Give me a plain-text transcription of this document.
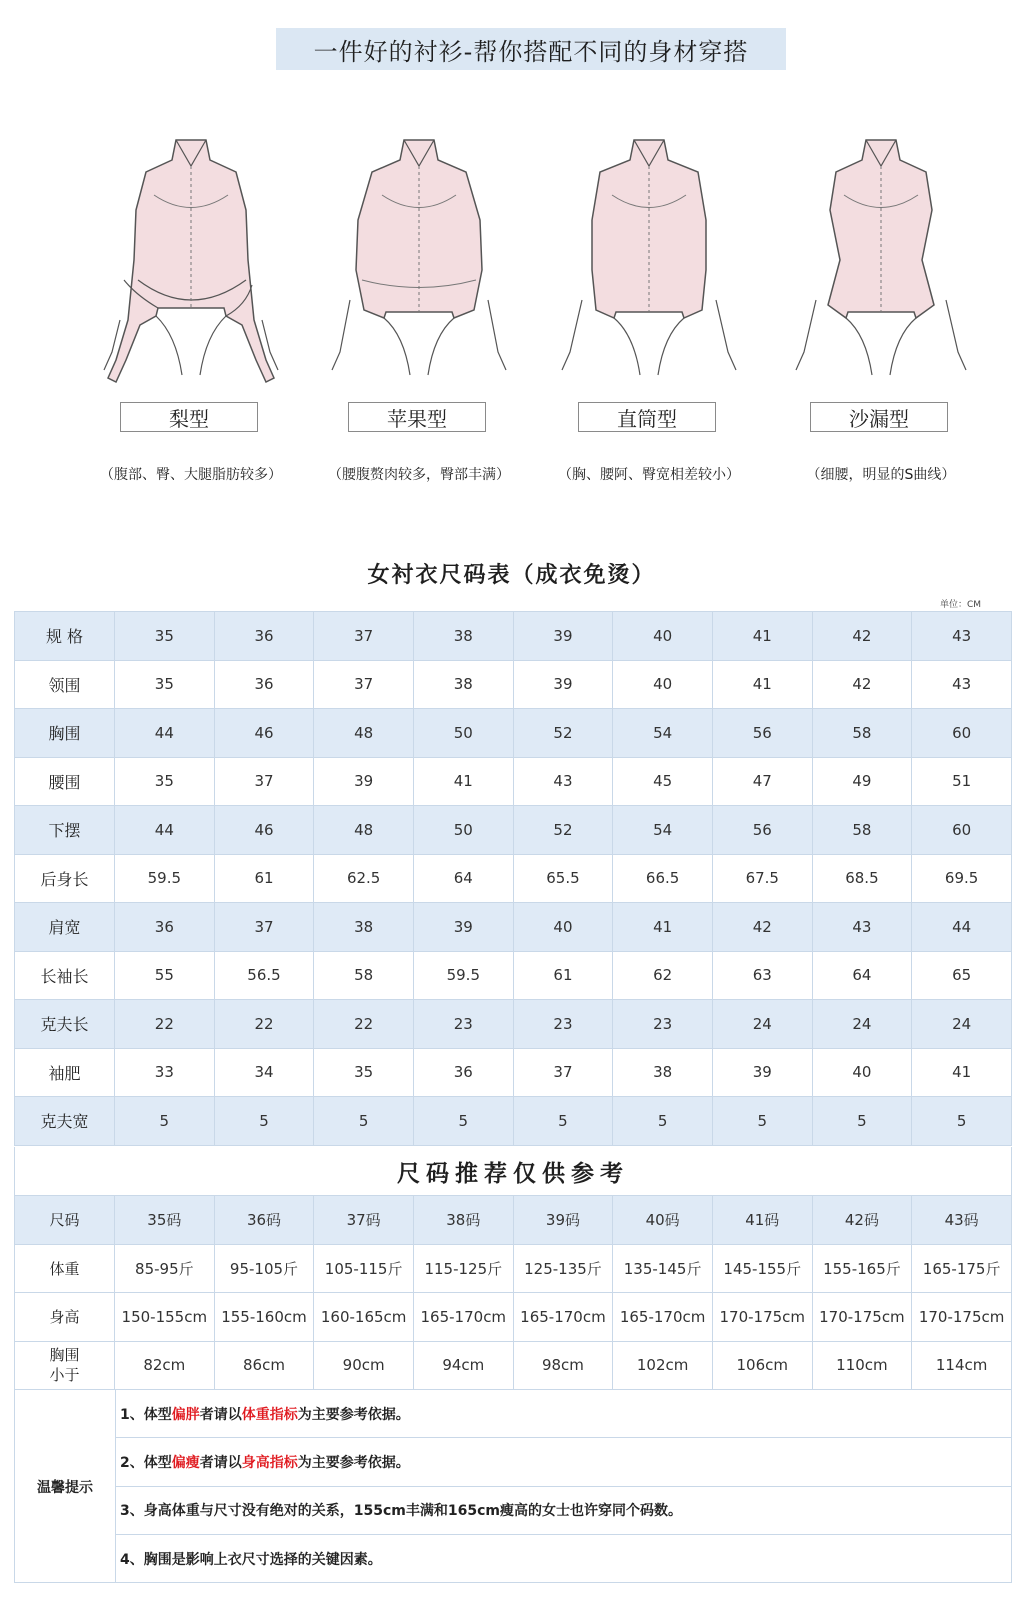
一件好的衬衫-帮你搭配不同的身材穿搭
梨型
（腹部、臀、大腿脂肪较多）
苹果型
（腰腹赘肉较多，臀部丰满）
直筒型
（胸、腰阿、臀宽相差较小）
沙漏型
（细腰，明显的S曲线）
女衬衣尺码表（成衣免烫）
单位：CM
规 格	35	36	37	38	39	40	41	42	43
领围	35	36	37	38	39	40	41	42	43
胸围	44	46	48	50	52	54	56	58	60
腰围	35	37	39	41	43	45	47	49	51
下摆	44	46	48	50	52	54	56	58	60
后身长	59.5	61	62.5	64	65.5	66.5	67.5	68.5	69.5
肩宽	36	37	38	39	40	41	42	43	44
长袖长	55	56.5	58	59.5	61	62	63	64	65
克夫长	22	22	22	23	23	23	24	24	24
袖肥	33	34	35	36	37	38	39	40	41
克夫宽	5	5	5	5	5	5	5	5	5
尺码推荐仅供参考
尺码	35码	36码	37码	38码	39码	40码	41码	42码	43码
体重	85-95斤	95-105斤	105-115斤	115-125斤	125-135斤	135-145斤	145-155斤	155-165斤	165-175斤
身高	150-155cm	155-160cm	160-165cm	165-170cm	165-170cm	165-170cm	170-175cm	170-175cm	170-175cm

胸围
小于	82cm	86cm	90cm	94cm	98cm	102cm	106cm	110cm	114cm
温馨提示
1、体型 偏胖 者请以 体重指标 为主要参考依据。
2、体型 偏瘦 者请以 身高指标 为主要参考依据。
3、身高体重与尺寸没有绝对的关系，155cm丰满和165cm瘦高的女士也许穿同个码数。
4、胸围是影响上衣尺寸选择的关键因素。
